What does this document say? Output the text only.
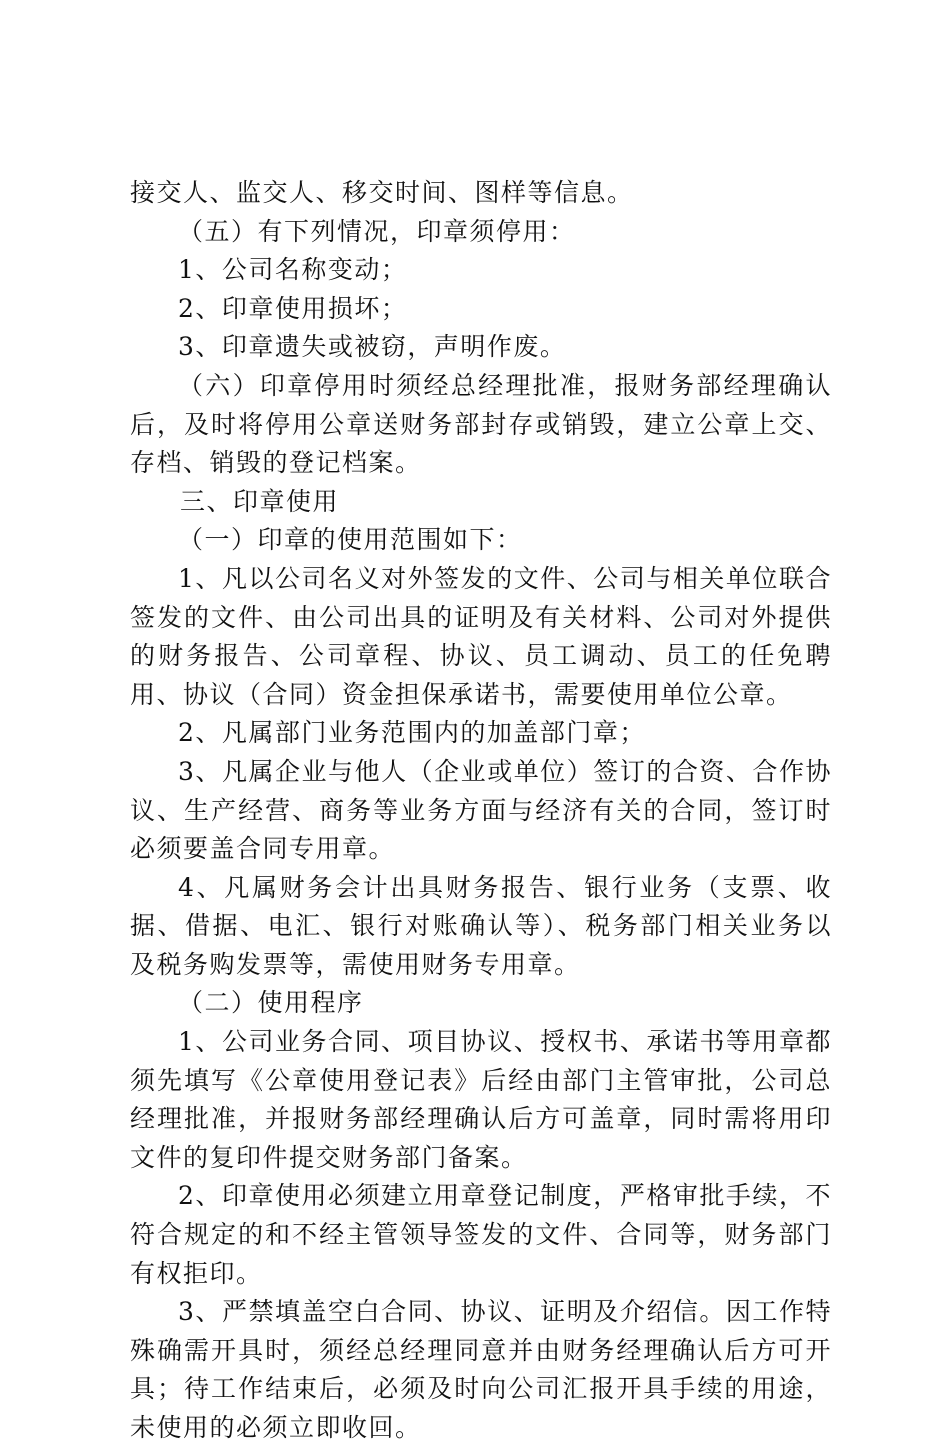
接交人、监交人、移交时间、图样等信息。

（五）有下列情况，印章须停用：

1、公司名称变动；

2、印章使用损坏；

3、印章遗失或被窃，声明作废。

（六）印章停用时须经总经理批准，报财务部经理确认后，及时将停用公章送财务部封存或销毁，建立公章上交、存档、销毁的登记档案。

三、印章使用

（一）印章的使用范围如下：

1、凡以公司名义对外签发的文件、公司与相关单位联合签发的文件、由公司出具的证明及有关材料、公司对外提供的财务报告、公司章程、协议、员工调动、员工的任免聘用、协议（合同）资金担保承诺书，需要使用单位公章。

2、凡属部门业务范围内的加盖部门章；

3、凡属企业与他人（企业或单位）签订的合资、合作协议、生产经营、商务等业务方面与经济有关的合同，签订时必须要盖合同专用章。

4、凡属财务会计出具财务报告、银行业务（支票、收据、借据、电汇、银行对账确认等）、税务部门相关业务以及税务购发票等，需使用财务专用章。

（二）使用程序

1、公司业务合同、项目协议、授权书、承诺书等用章都须先填写《公章使用登记表》后经由部门主管审批，公司总经理批准，并报财务部经理确认后方可盖章，同时需将用印文件的复印件提交财务部门备案。

2、印章使用必须建立用章登记制度，严格审批手续，不符合规定的和不经主管领导签发的文件、合同等，财务部门有权拒印。

3、严禁填盖空白合同、协议、证明及介绍信。因工作特殊确需开具时，须经总经理同意并由财务经理确认后方可开具；待工作结束后，必须及时向公司汇报开具手续的用途，未使用的必须立即收回。
